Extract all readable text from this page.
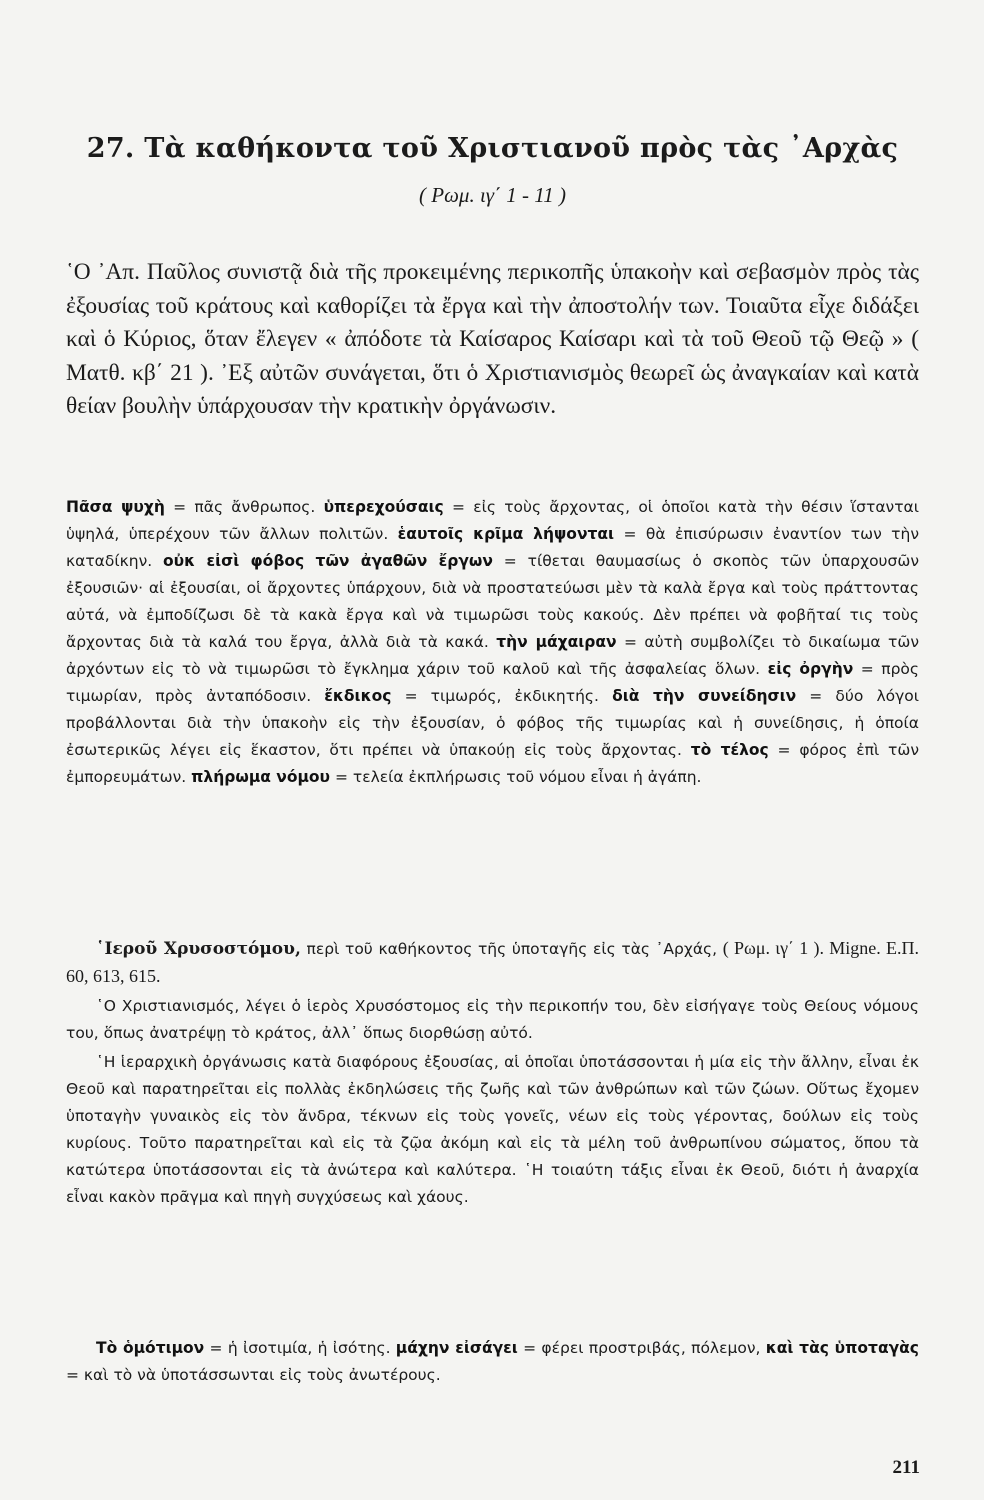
27. Τὰ καθήκοντα τοῦ Χριστιανοῦ πρὸς τὰς ᾿Αρχὰς
( Ρωμ. ιγ΄ 1 - 11 )

῾Ο ᾿Απ. Παῦλος συνιστᾷ διὰ τῆς προκειμένης περικοπῆς ὑπακοὴν καὶ σεβασμὸν πρὸς τὰς ἐξουσίας τοῦ κράτους καὶ καθορίζει τὰ ἔργα καὶ τὴν ἀποστολήν των. Τοιαῦτα εἶχε διδάξει καὶ ὁ Κύριος, ὅταν ἔλεγεν « ἀπόδοτε τὰ Καίσαρος Καίσαρι καὶ τὰ τοῦ Θεοῦ τῷ Θεῷ » ( Ματθ. κβ΄ 21 ). ᾿Εξ αὐτῶν συνάγεται, ὅτι ὁ Χριστιανισμὸς θεωρεῖ ὡς ἀναγκαίαν καὶ κατὰ θείαν βουλὴν ὑπάρχουσαν τὴν κρατικὴν ὀργάνωσιν.

Πᾶσα ψυχὴ = πᾶς ἄνθρωπος. ὑπερεχούσαις = εἰς τοὺς ἄρχοντας, οἱ ὁποῖοι κατὰ τὴν θέσιν ἵστανται ὑψηλά, ὑπερέχουν τῶν ἄλλων πολιτῶν. ἑαυτοῖς κρῖμα λήψονται = θὰ ἐπισύρωσιν ἐναντίον των τὴν καταδίκην. οὐκ εἰσὶ φόβος τῶν ἀγαθῶν ἔργων = τίθεται θαυμασίως ὁ σκοπὸς τῶν ὑπαρχουσῶν ἐξουσιῶν· αἱ ἐξουσίαι, οἱ ἄρχοντες ὑπάρχουν, διὰ νὰ προστατεύωσι μὲν τὰ καλὰ ἔργα καὶ τοὺς πράττοντας αὐτά, νὰ ἐμποδίζωσι δὲ τὰ κακὰ ἔργα καὶ νὰ τιμωρῶσι τοὺς κακούς. Δὲν πρέπει νὰ φοβῆταί τις τοὺς ἄρχοντας διὰ τὰ καλά του ἔργα, ἀλλὰ διὰ τὰ κακά. τὴν μάχαιραν = αὐτὴ συμβολίζει τὸ δικαίωμα τῶν ἀρχόντων εἰς τὸ νὰ τιμωρῶσι τὸ ἔγκλημα χάριν τοῦ καλοῦ καὶ τῆς ἀσφαλείας ὅλων. εἰς ὀργὴν = πρὸς τιμωρίαν, πρὸς ἀνταπόδοσιν. ἔκδικος = τιμωρός, ἐκδικητής. διὰ τὴν συνείδησιν = δύο λόγοι προβάλλονται διὰ τὴν ὑπακοὴν εἰς τὴν ἐξουσίαν, ὁ φόβος τῆς τιμωρίας καὶ ἡ συνείδησις, ἡ ὁποία ἐσωτερικῶς λέγει εἰς ἕκαστον, ὅτι πρέπει νὰ ὑπακούῃ εἰς τοὺς ἄρχοντας. τὸ τέλος = φόρος ἐπὶ τῶν ἐμπορευμάτων. πλήρωμα νόμου = τελεία ἐκπλήρωσις τοῦ νόμου εἶναι ἡ ἀγάπη.

῾Ιεροῦ Χρυσοστόμου, περὶ τοῦ καθήκοντος τῆς ὑποταγῆς εἰς τὰς ᾿Αρχάς, ( Ρωμ. ιγ΄ 1 ). Migne. Ε.Π. 60, 613, 615.

῾Ο Χριστιανισμός, λέγει ὁ ἱερὸς Χρυσόστομος εἰς τὴν περικοπήν του, δὲν εἰσήγαγε τοὺς Θείους νόμους του, ὅπως ἀνατρέψῃ τὸ κράτος, ἀλλ᾿ ὅπως διορθώσῃ αὐτό.

῾Η ἱεραρχικὴ ὀργάνωσις κατὰ διαφόρους ἐξουσίας, αἱ ὁποῖαι ὑποτάσσονται ἡ μία εἰς τὴν ἄλλην, εἶναι ἐκ Θεοῦ καὶ παρατηρεῖται εἰς πολλὰς ἐκδηλώσεις τῆς ζωῆς καὶ τῶν ἀνθρώπων καὶ τῶν ζώων. Οὕτως ἔχομεν ὑποταγὴν γυναικὸς εἰς τὸν ἄνδρα, τέκνων εἰς τοὺς γονεῖς, νέων εἰς τοὺς γέροντας, δούλων εἰς τοὺς κυρίους. Τοῦτο παρατηρεῖται καὶ εἰς τὰ ζῷα ἀκόμη καὶ εἰς τὰ μέλη τοῦ ἀνθρωπίνου σώματος, ὅπου τὰ κατώτερα ὑποτάσσονται εἰς τὰ ἀνώτερα καὶ καλύτερα. ῾Η τοιαύτη τάξις εἶναι ἐκ Θεοῦ, διότι ἡ ἀναρχία εἶναι κακὸν πρᾶγμα καὶ πηγὴ συγχύσεως καὶ χάους.

Τὸ ὁμότιμον = ἡ ἰσοτιμία, ἡ ἰσότης. μάχην εἰσάγει = φέρει προστριβάς, πόλεμον, καὶ τὰς ὑποταγὰς = καὶ τὸ νὰ ὑποτάσσωνται εἰς τοὺς ἀνωτέρους.

211
